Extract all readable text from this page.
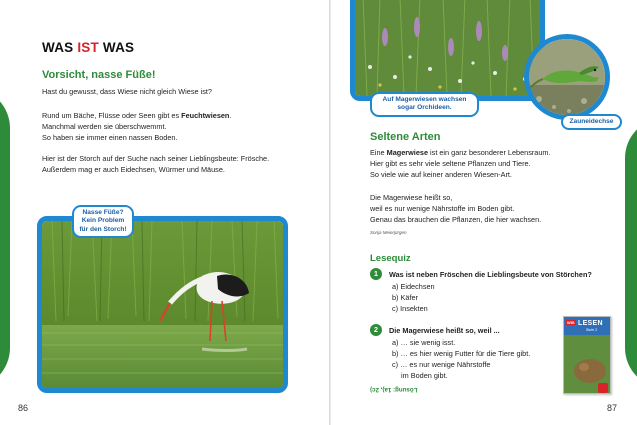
WAS IST WAS
Vorsicht, nasse Füße!
Hast du gewusst, dass Wiese nicht gleich Wiese ist?
Rund um Bäche, Flüsse oder Seen gibt es Feuchtwiesen.
Manchmal werden sie überschwemmt.
So haben sie immer einen nassen Boden.
Hier ist der Storch auf der Suche nach seiner Lieblingsbeute: Frösche.
Außerdem mag er auch Eidechsen, Würmer und Mäuse.
Nasse Füße?
Kein Problem
für den Storch!
86
Auf Magerwiesen wachsen
sogar Orchideen.
Zauneidechse
Seltene Arten
Eine Magerwiese ist ein ganz besonderer Lebensraum.
Hier gibt es sehr viele seltene Pflanzen und Tiere.
So viele wie auf keiner anderen Wiesen-Art.
Die Magerwiese heißt so,
weil es nur wenige Nährstoffe im Boden gibt.
Genau das brauchen die Pflanzen, die hier wachsen.
Sonja Meierjürgen
Lesequiz
1	Was ist neben Fröschen die Lieblingsbeute von Störchen?
a) Eidechsen
b) Käfer
c) Insekten
2	Die Magerwiese heißt so, weil ...
a) … sie wenig isst.
b) … es hier wenig Futter für die Tiere gibt.
c) … es nur wenige Nährstoffe
im Boden gibt.
Lösung: 1a), 2c)
WIS LESEN
Stufe 2
87
